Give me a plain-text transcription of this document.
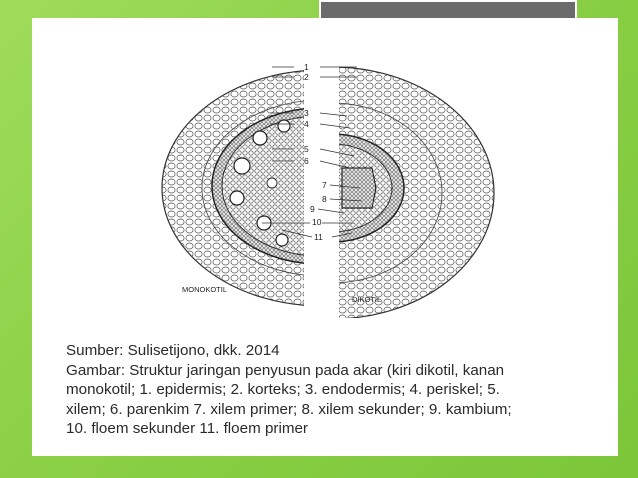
1
2
3
4
5
6
7
8
9
10
11
MONOKOTIL
DIKOTIL
Sumber: Sulisetijono, dkk. 2014
Gambar: Struktur jaringan penyusun pada akar (kiri dikotil, kanan
monokotil; 1. epidermis; 2. korteks; 3. endodermis; 4. periskel; 5.
xilem; 6. parenkim 7. xilem primer; 8. xilem sekunder; 9. kambium;
10. floem sekunder 11. floem primer
